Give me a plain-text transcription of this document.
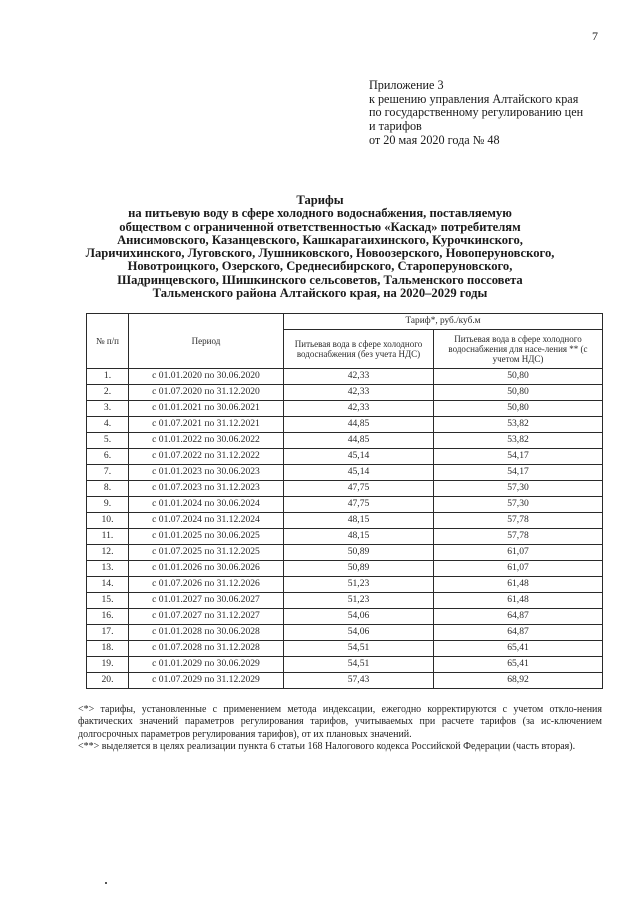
7
Приложение 3
к решению управления Алтайского края
по государственному регулированию цен
и тарифов
от 20 мая 2020 года № 48
Тарифы
на питьевую воду в сфере холодного водоснабжения, поставляемую
обществом с ограниченной ответственностью «Каскад» потребителям
Анисимовского, Казанцевского, Кашкарагаихинского, Курочкинского,
Ларичихинского, Луговского, Лушниковского, Новоозерского, Новоперуновского,
Новотроицкого, Озерского, Среднесибирского, Староперуновского,
Шадринцевского, Шишкинского сельсоветов, Тальменского поссовета
Тальменского района Алтайского края, на 2020–2029 годы
№ п/п	Период	Тариф*, руб./куб.м	
		Питьевая вода в сфере холодного водоснабжения (без учета НДС)	Питьевая вода в сфере холодного водоснабжения для насе-ления ** (с учетом НДС)
1.	с 01.01.2020 по 30.06.2020	42,33	50,80
2.	с 01.07.2020 по 31.12.2020	42,33	50,80
3.	с 01.01.2021 по 30.06.2021	42,33	50,80
4.	с 01.07.2021 по 31.12.2021	44,85	53,82
5.	с 01.01.2022 по 30.06.2022	44,85	53,82
6.	с 01.07.2022 по 31.12.2022	45,14	54,17
7.	с 01.01.2023 по 30.06.2023	45,14	54,17
8.	с 01.07.2023 по 31.12.2023	47,75	57,30
9.	с 01.01.2024 по 30.06.2024	47,75	57,30
10.	с 01.07.2024 по 31.12.2024	48,15	57,78
11.	с 01.01.2025 по 30.06.2025	48,15	57,78
12.	с 01.07.2025 по 31.12.2025	50,89	61,07
13.	с 01.01.2026 по 30.06.2026	50,89	61,07
14.	с 01.07.2026 по 31.12.2026	51,23	61,48
15.	с 01.01.2027 по 30.06.2027	51,23	61,48
16.	с 01.07.2027 по 31.12.2027	54,06	64,87
17.	с 01.01.2028 по 30.06.2028	54,06	64,87
18.	с 01.07.2028 по 31.12.2028	54,51	65,41
19.	с 01.01.2029 по 30.06.2029	54,51	65,41
20.	с 01.07.2029 по 31.12.2029	57,43	68,92

<*> тарифы, установленные с применением метода индексации, ежегодно корректируются с учетом откло-нения фактических значений параметров регулирования тарифов, учитываемых при расчете тарифов (за ис-ключением долгосрочных параметров регулирования тарифов), от их плановых значений.

<**> выделяется в целях реализации пункта 6 статьи 168 Налогового кодекса Российской Федерации (часть вторая).
